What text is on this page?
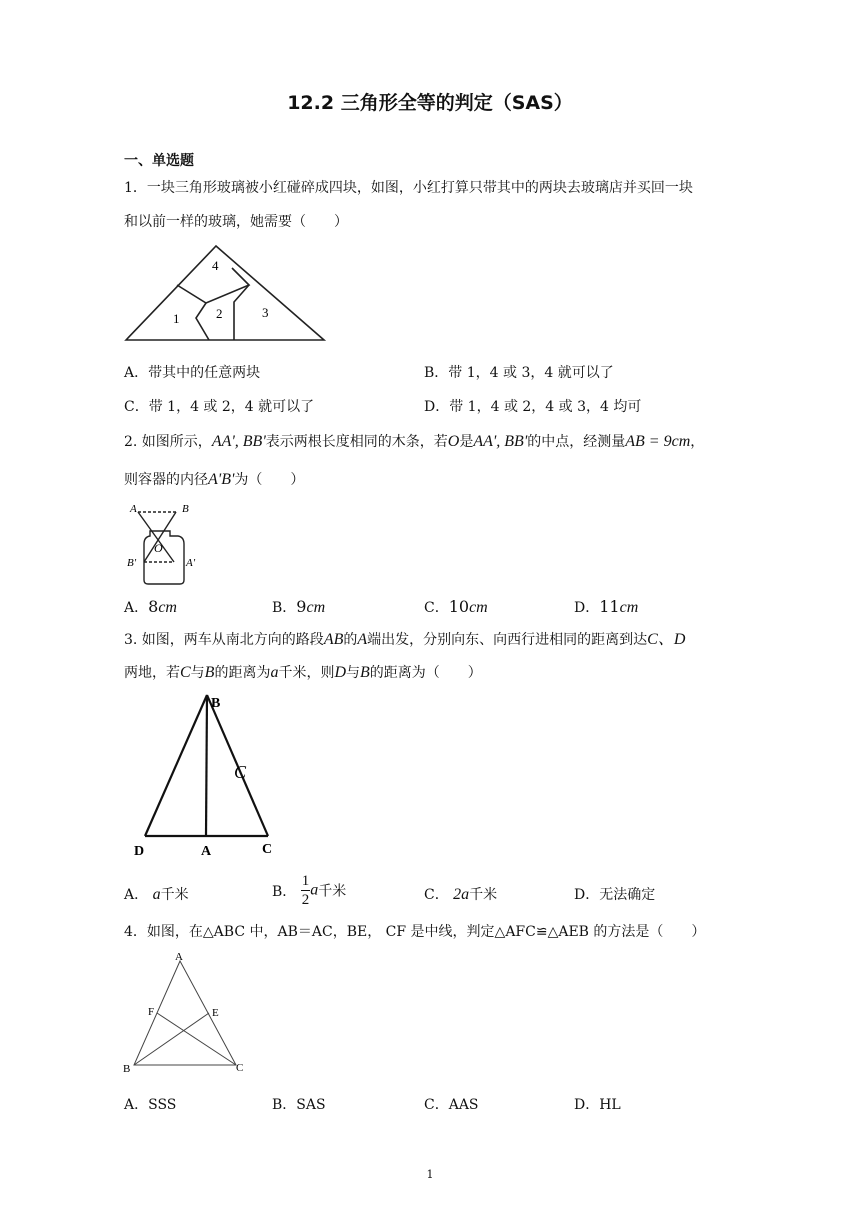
12.2 三角形全等的判定（SAS）
一、单选题
1．一块三角形玻璃被小红碰碎成四块，如图，小红打算只带其中的两块去玻璃店并买回一块
和以前一样的玻璃，她需要（　　）
4
1	2	3
A．带其中的任意两块	B．带 1，4 或 3，4 就可以了
C．带 1，4 或 2，4 就可以了	D．带 1，4 或 2，4 或 3，4 均可
2. 如图所示，AA', BB'表示两根长度相同的木条，若O是AA', BB'的中点，经测量AB = 9cm，
则容器的内径A'B'为（　　）
A	B
O
B'	A'
A．8cm	B．9cm	C．10cm	D．11cm
3. 如图，两车从南北方向的路段AB的A端出发，分别向东、向西行进相同的距离到达C、D
两地，若C与B的距离为a千米，则D与B的距离为（　　）
B
D	A	C
C
A． a千米	B． $\frac{1}{2}$ a千米	C． 2a千米	D．无法确定
4．如图，在△ABC 中，AB＝AC，BE， CF 是中线，判定△AFC≌△AEB 的方法是（　　）
A
F	E
B	C
A．SSS	B．SAS	C．AAS	D．HL
1
